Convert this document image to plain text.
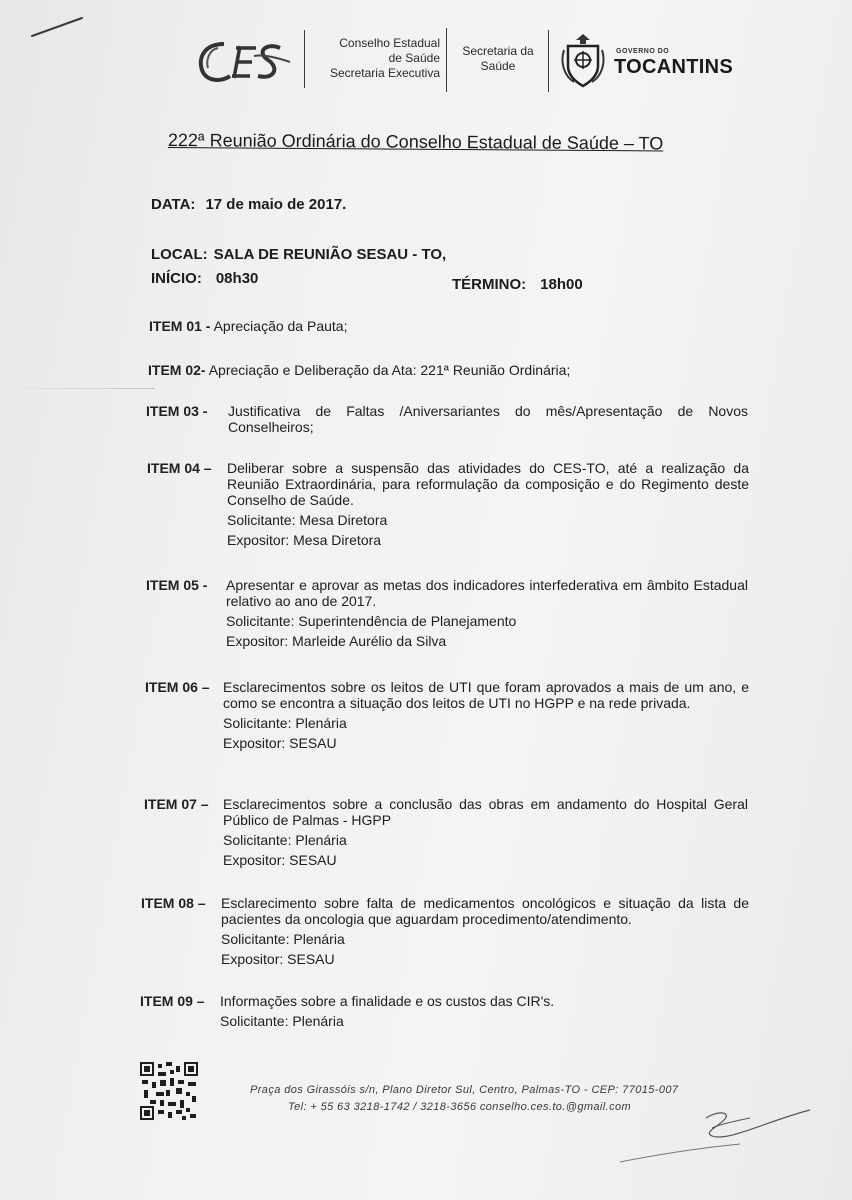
Conselho Estadual
de Saúde
Secretaria Executiva
Secretaria da
Saúde
GOVERNO DO
TOCANTINS
222ª Reunião Ordinária do Conselho Estadual de Saúde – TO
DATA: 17 de maio de 2017.
LOCAL: SALA DE REUNIÃO SESAU - TO,
INÍCIO: 08h30	TÉRMINO: 18h00
ITEM 01 - Apreciação da Pauta;
ITEM 02- Apreciação e Deliberação da Ata: 221ª Reunião Ordinária;
ITEM 03 -	Justificativa de Faltas /Aniversariantes do mês/Apresentação de Novos Conselheiros;
ITEM 04 –	Deliberar sobre a suspensão das atividades do CES-TO, até a realização da Reunião Extraordinária, para reformulação da composição e do Regimento deste Conselho de Saúde.
Solicitante: Mesa Diretora
Expositor: Mesa Diretora
ITEM 05 -	Apresentar e aprovar as metas dos indicadores interfederativa em âmbito Estadual relativo ao ano de 2017.
Solicitante: Superintendência de Planejamento
Expositor: Marleide Aurélio da Silva
ITEM 06 – Esclarecimentos sobre os leitos de UTI que foram aprovados a mais de um ano, e como se encontra a situação dos leitos de UTI no HGPP e na rede privada.
Solicitante: Plenária
Expositor: SESAU
ITEM 07 –	Esclarecimentos sobre a conclusão das obras em andamento do Hospital Geral Público de Palmas - HGPP
Solicitante: Plenária
Expositor: SESAU
ITEM 08 –	Esclarecimento sobre falta de medicamentos oncológicos e situação da lista de pacientes da oncologia que aguardam procedimento/atendimento.
Solicitante: Plenária
Expositor: SESAU
ITEM 09 –	Informações sobre a finalidade e os custos das CIR's.
Solicitante: Plenária
Praça dos Girassóis s/n, Plano Diretor Sul, Centro, Palmas-TO - CEP: 77015-007
Tel: + 55 63 3218-1742 / 3218-3656 conselho.ces.to.@gmail.com
